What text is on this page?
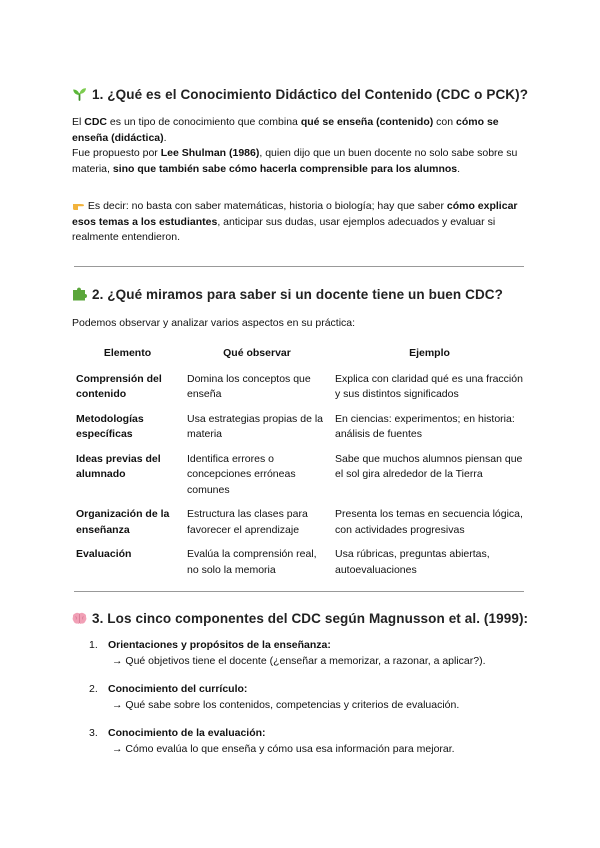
1. ¿Qué es el Conocimiento Didáctico del Contenido (CDC o PCK)?

El CDC es un tipo de conocimiento que combina qué se enseña (contenido) con cómo se enseña (didáctica).
Fue propuesto por Lee Shulman (1986), quien dijo que un buen docente no solo sabe sobre su materia, sino que también sabe cómo hacerla comprensible para los alumnos.

Es decir: no basta con saber matemáticas, historia o biología; hay que saber cómo explicar esos temas a los estudiantes, anticipar sus dudas, usar ejemplos adecuados y evaluar si realmente entendieron.

2. ¿Qué miramos para saber si un docente tiene un buen CDC?

Podemos observar y analizar varios aspectos en su práctica:

Elemento	Qué observar	Ejemplo
Comprensión del contenido	Domina los conceptos que enseña	Explica con claridad qué es una fracción y sus distintos significados
Metodologías específicas	Usa estrategias propias de la materia	En ciencias: experimentos; en historia: análisis de fuentes
Ideas previas del alumnado	Identifica errores o concepciones erróneas comunes	Sabe que muchos alumnos piensan que el sol gira alrededor de la Tierra
Organización de la enseñanza	Estructura las clases para favorecer el aprendizaje	Presenta los temas en secuencia lógica, con actividades progresivas
Evaluación	Evalúa la comprensión real, no solo la memoria	Usa rúbricas, preguntas abiertas, autoevaluaciones
3. Los cinco componentes del CDC según Magnusson et al. (1999):
1. Orientaciones y propósitos de la enseñanza:
→ Qué objetivos tiene el docente (¿enseñar a memorizar, a razonar, a aplicar?).
2. Conocimiento del currículo:
→ Qué sabe sobre los contenidos, competencias y criterios de evaluación.
3. Conocimiento de la evaluación:
→ Cómo evalúa lo que enseña y cómo usa esa información para mejorar.
